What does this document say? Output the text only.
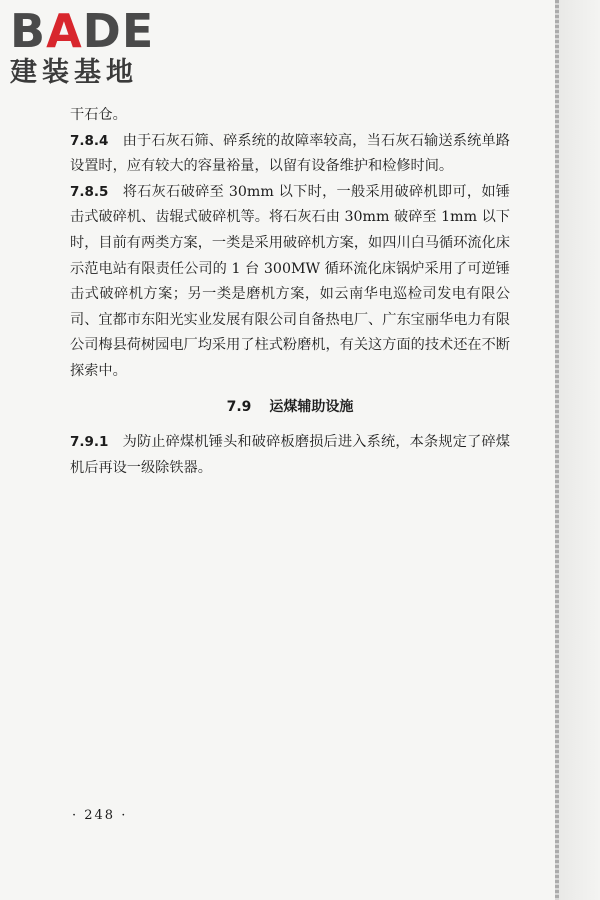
BADE
建装基地

干石仓。

7.8.4 由于石灰石筛、碎系统的故障率较高，当石灰石输送系统单路设置时，应有较大的容量裕量，以留有设备维护和检修时间。

7.8.5 将石灰石破碎至 30mm 以下时，一般采用破碎机即可，如锤击式破碎机、齿辊式破碎机等。将石灰石由 30mm 破碎至 1mm 以下时，目前有两类方案，一类是采用破碎机方案，如四川白马循环流化床示范电站有限责任公司的 1 台 300MW 循环流化床锅炉采用了可逆锤击式破碎机方案；另一类是磨机方案，如云南华电巡检司发电有限公司、宜都市东阳光实业发展有限公司自备热电厂、广东宝丽华电力有限公司梅县荷树园电厂均采用了柱式粉磨机，有关这方面的技术还在不断探索中。

7.9 运煤辅助设施

7.9.1 为防止碎煤机锤头和破碎板磨损后进入系统，本条规定了碎煤机后再设一级除铁器。

· 248 ·
